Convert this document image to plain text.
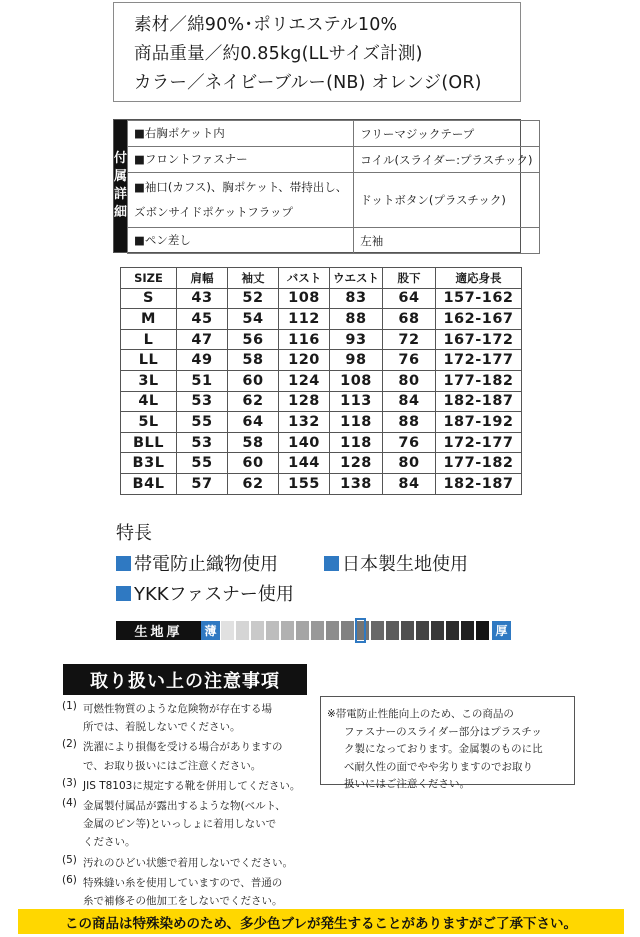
素材／綿90%･ポリエステル10%

商品重量／約0.85kg(LLサイズ計測)

カラー／ネイビーブルー(NB) オレンジ(OR)

付
属
詳
細
■右胸ポケット内	フリーマジックテープ

■フロントファスナー	コイル(スライダー:プラスチック)

■袖口(カフス)、胸ポケット、帯持出し、
ズボンサイドポケットフラップ	ドットボタン(プラスチック)

■ペン差し	左袖
SIZE	肩幅	袖丈	バスト	ウエスト	股下	適応身長
S	43	52	108	83	64	157-162
M	45	54	112	88	68	162-167
L	47	56	116	93	72	167-172
LL	49	58	120	98	76	172-177
3L	51	60	124	108	80	177-182
4L	53	62	128	113	84	182-187
5L	55	64	132	118	88	187-192
BLL	53	58	140	118	76	172-177
B3L	55	60	144	128	80	177-182
B4L	57	62	155	138	84	182-187
特長
帯電防止織物使用	日本製生地使用
YKKファスナー使用
生地厚	薄	厚
取り扱い上の注意事項
(1) 可燃性物質のような危険物が存在する場
所では、着脱しないでください。
(2) 洗濯により損傷を受ける場合がありますの
で、お取り扱いにはご注意ください。
(3) JIS T8103に規定する靴を併用してください。
(4) 金属製付属品が露出するような物(ベルト、
金属のピン等)といっしょに着用しないで
ください。
(5) 汚れのひどい状態で着用しないでください。
(6) 特殊縫い糸を使用していますので、普通の
糸で補修その他加工をしないでください。
※帯電防止性能向上のため、この商品の
ファスナーのスライダー部分はプラスチッ
ク製になっております。金属製のものに比
べ耐久性の面でやや劣りますのでお取り
扱いにはご注意ください。
この商品は特殊染めのため、多少色ブレが発生することがありますがご了承下さい。
